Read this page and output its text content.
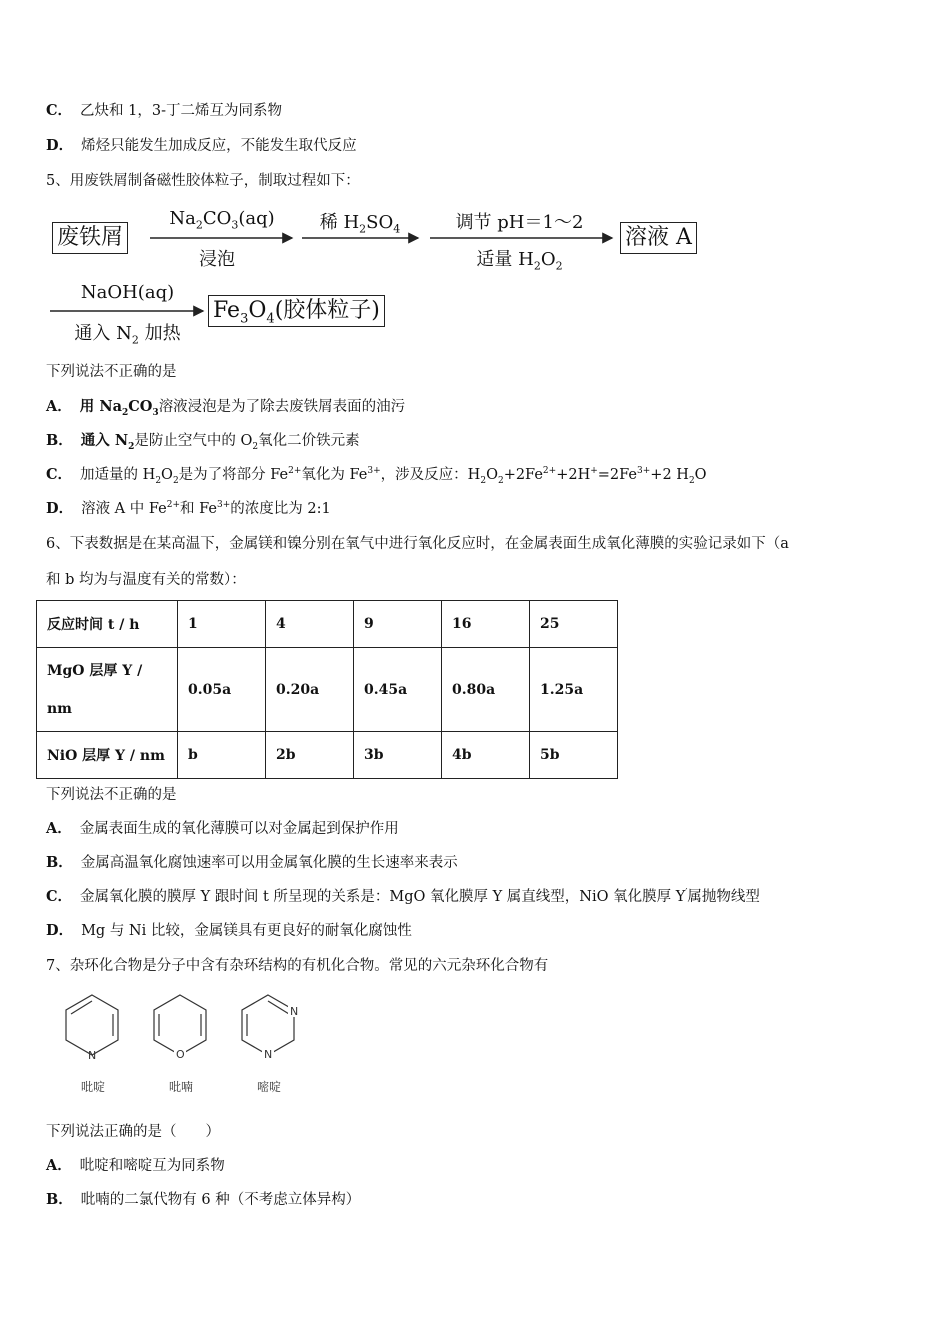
C． 乙炔和 1，3-丁二烯互为同系物
D． 烯烃只能发生加成反应，不能发生取代反应
5、用废铁屑制备磁性胶体粒子，制取过程如下：
废铁屑
$Na_2CO_3(aq)$
浸泡
稀 $H_2SO_4$	调节 pH＝1～2
适量 $H_2O_2$
溶液 A
NaOH(aq)
通入 $N_2$ 加热
$Fe_3O_4$(胶体粒子)
下列说法不正确的是
A． 用 $Na_2CO_3$溶液浸泡是为了除去废铁屑表面的油污
B． 通入 $N_2$是防止空气中的 $O_2$氧化二价铁元素
C． 加适量的 $H_2O_2$是为了将部分 $Fe^{2+}$氧化为 $Fe^{3+}$，涉及反应：$H_2O_2+2Fe^{2+}+2H^+=2Fe^{3+}+2$ $H_2O$
D． 溶液 A 中 $Fe^{2+}$和 $Fe^{3+}$的浓度比为 2:1
6、下表数据是在某高温下，金属镁和镍分别在氧气中进行氧化反应时，在金属表面生成氧化薄膜的实验记录如下（a
和 b 均为与温度有关的常数）：
反应时间 t / h	1	4	9	16	25
MgO 层厚 Y /
nm	0.05a	0.20a	0.45a	0.80a	1.25a
NiO 层厚 Y / nm	b	2b	3b	4b	5b
下列说法不正确的是
A． 金属表面生成的氧化薄膜可以对金属起到保护作用
B． 金属高温氧化腐蚀速率可以用金属氧化膜的生长速率来表示
C． 金属氧化膜的膜厚 Y 跟时间 t 所呈现的关系是：MgO 氧化膜厚 Y 属直线型，NiO 氧化膜厚 Y′属抛物线型
D． Mg 与 Ni 比较，金属镁具有更良好的耐氧化腐蚀性
7、杂环化合物是分子中含有杂环结构的有机化合物。常见的六元杂环化合物有
N	O
N
N
吡啶	吡喃	嘧啶
下列说法正确的是（　　）
A． 吡啶和嘧啶互为同系物
B． 吡喃的二氯代物有 6 种（不考虑立体异构）
